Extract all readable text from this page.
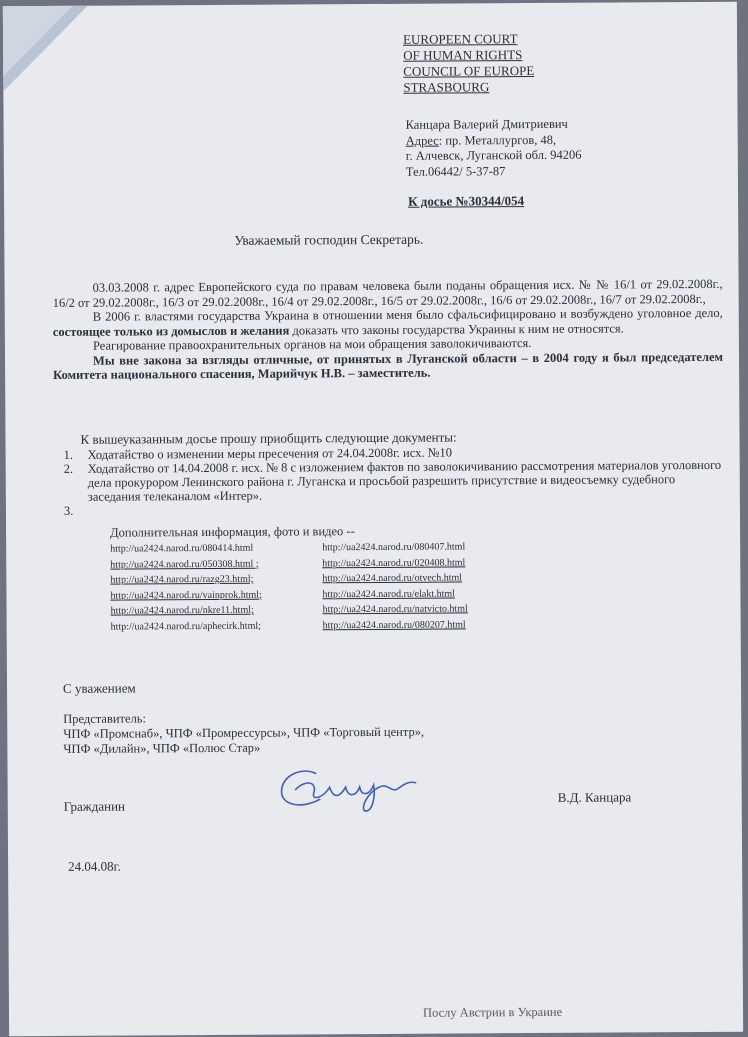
EUROPEEN COURT
OF HUMAN RIGHTS
COUNCIL OF EUROPE
STRASBOURG
Канцара Валерий Дмитриевич
Адрес: пр. Металлургов, 48,
г. Алчевск, Луганской обл. 94206
Тел.06442/ 5-37-87
К досье №30344/054
Уважаемый господин Секретарь.

03.03.2008 г. адрес Европейского суда по правам человека были поданы обращения исх. № № 16/1 от 29.02.2008г., 16/2 от 29.02.2008г., 16/3 от 29.02.2008г., 16/4 от 29.02.2008г., 16/5 от 29.02.2008г., 16/6 от 29.02.2008г., 16/7 от 29.02.2008г.,

В 2006 г. властями государства Украина в отношении меня было сфальсифицировано и возбуждено уголовное дело, состоящее только из домыслов и желания доказать что законы государства Украины к ним не относятся.

Реагирование правоохранительных органов на мои обращения заволокичиваются.

Мы вне закона за взгляды отличные, от принятых в Луганской области – в 2004 году я был председателем Комитета национального спасения, Марийчук Н.В. – заместитель.

К вышеуказанным досье прошу приобщить следующие документы:
1.	Ходатайство о изменении меры пресечения от 24.04.2008г. исх. №10
2.	Ходатайство от 14.04.2008 г. исх. № 8 с изложением фактов по заволокичиванию рассмотрения материалов уголовного дела прокурором Ленинского района г. Луганска и просьбой разрешить присутствие и видеосъемку судебного заседания телеканалом «Интер».
3.
Дополнительная информация, фото и видео --
http://ua2424.narod.ru/080414.html	http://ua2424.narod.ru/080407.html
http://ua2424.narod.ru/050308.html ;	http://ua2424.narod.ru/020408.html
http://ua2424.narod.ru/razg23.html;	http://ua2424.narod.ru/otvech.html
http://ua2424.narod.ru/vainprok.html;	http://ua2424.narod.ru/elakt.html
http://ua2424.narod.ru/nkre11.html;	http://ua2424.narod.ru/natvicto.html
http://ua2424.narod.ru/aphecirk.html;	http://ua2424.narod.ru/080207.html
С уважением
Представитель:
ЧПФ «Промснаб», ЧПФ «Промрессурсы», ЧПФ «Торговый центр»,
ЧПФ «Дилайн», ЧПФ «Полюс Стар»
Гражданин
В.Д. Канцара
24.04.08г.
Послу Австрии в Украине
